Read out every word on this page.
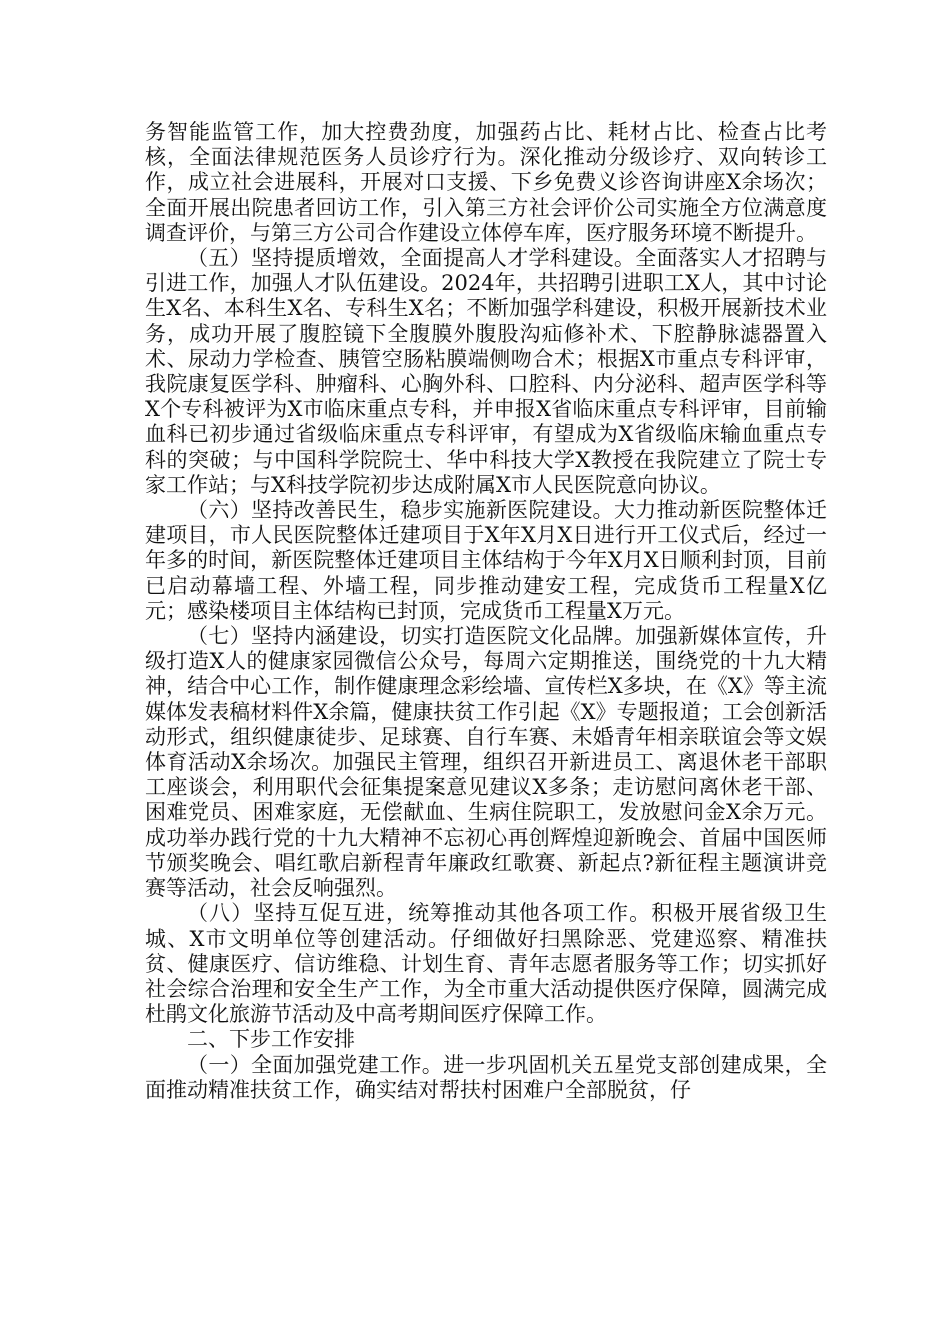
务智能监管工作，加大控费劲度，加强药占比、耗材占比、检查占比考核，全面法律规范医务人员诊疗行为。深化推动分级诊疗、双向转诊工作，成立社会进展科，开展对口支援、下乡免费义诊咨询讲座X余场次；全面开展出院患者回访工作，引入第三方社会评价公司实施全方位满意度调查评价，与第三方公司合作建设立体停车库，医疗服务环境不断提升。

（五）坚持提质增效，全面提高人才学科建设。全面落实人才招聘与引进工作，加强人才队伍建设。2024年，共招聘引进职工X人，其中讨论生X名、本科生X名、专科生X名；不断加强学科建设，积极开展新技术业务，成功开展了腹腔镜下全腹膜外腹股沟疝修补术、下腔静脉滤器置入术、尿动力学检查、胰管空肠粘膜端侧吻合术；根据X市重点专科评审，我院康复医学科、肿瘤科、心胸外科、口腔科、内分泌科、超声医学科等X个专科被评为X市临床重点专科，并申报X省临床重点专科评审，目前输血科已初步通过省级临床重点专科评审，有望成为X省级临床输血重点专科的突破；与中国科学院院士、华中科技大学X教授在我院建立了院士专家工作站；与X科技学院初步达成附属X市人民医院意向协议。

（六）坚持改善民生，稳步实施新医院建设。大力推动新医院整体迁建项目，市人民医院整体迁建项目于X年X月X日进行开工仪式后，经过一年多的时间，新医院整体迁建项目主体结构于今年X月X日顺利封顶，目前已启动幕墙工程、外墙工程，同步推动建安工程，完成货币工程量X亿元；感染楼项目主体结构已封顶，完成货币工程量X万元。

（七）坚持内涵建设，切实打造医院文化品牌。加强新媒体宣传，升级打造X人的健康家园微信公众号，每周六定期推送，围绕党的十九大精神，结合中心工作，制作健康理念彩绘墙、宣传栏X多块，在《X》等主流媒体发表稿材料件X余篇，健康扶贫工作引起《X》专题报道；工会创新活动形式，组织健康徒步、足球赛、自行车赛、未婚青年相亲联谊会等文娱体育活动X余场次。加强民主管理，组织召开新进员工、离退休老干部职工座谈会，利用职代会征集提案意见建议X多条；走访慰问离休老干部、困难党员、困难家庭，无偿献血、生病住院职工，发放慰问金X余万元。成功举办践行党的十九大精神不忘初心再创辉煌迎新晚会、首届中国医师节颁奖晚会、唱红歌启新程青年廉政红歌赛、新起点?新征程主题演讲竞赛等活动，社会反响强烈。

（八）坚持互促互进，统筹推动其他各项工作。积极开展省级卫生城、X市文明单位等创建活动。仔细做好扫黑除恶、党建巡察、精准扶贫、健康医疗、信访维稳、计划生育、青年志愿者服务等工作；切实抓好社会综合治理和安全生产工作，为全市重大活动提供医疗保障，圆满完成杜鹃文化旅游节活动及中高考期间医疗保障工作。

二、下步工作安排

（一）全面加强党建工作。进一步巩固机关五星党支部创建成果，全面推动精准扶贫工作，确实结对帮扶村困难户全部脱贫，仔
